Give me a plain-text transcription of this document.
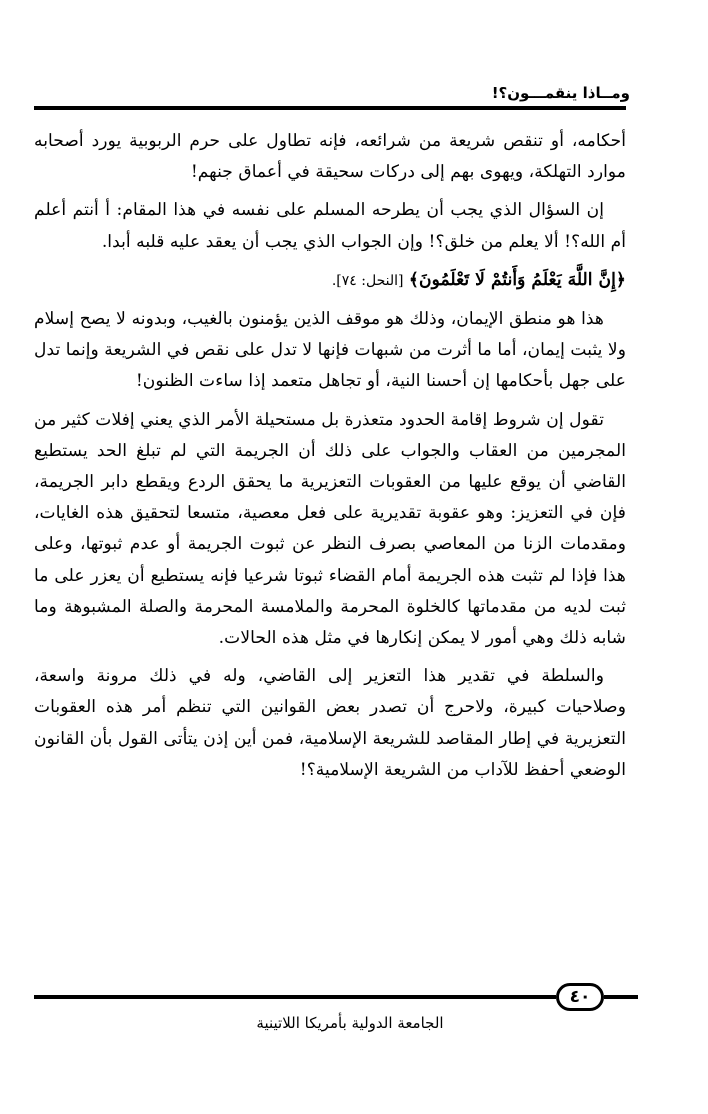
ومــاذا ينقمـــون؟!

أحكامه، أو تنقص شريعة من شرائعه، فإنه تطاول على حرم الربوبية يورد أصحابه موارد التهلكة، ويهوى بهم إلى دركات سحيقة في أعماق جنهم!

إن السؤال الذي يجب أن يطرحه المسلم على نفسه في هذا المقام: أ أنتم أعلم أم الله؟! ألا يعلم من خلق؟! وإن الجواب الذي يجب أن يعقد عليه قلبه أبدا.

﴿إِنَّ اللَّهَ يَعْلَمُ وَأَنتُمْ لَا تَعْلَمُونَ﴾ [النحل: ٧٤].

هذا هو منطق الإيمان، وذلك هو موقف الذين يؤمنون بالغيب، وبدونه لا يصح إسلام ولا يثبت إيمان، أما ما أثرت من شبهات فإنها لا تدل على نقص في الشريعة وإنما تدل على جهل بأحكامها إن أحسنا النية، أو تجاهل متعمد إذا ساءت الظنون!

تقول إن شروط إقامة الحدود متعذرة بل مستحيلة الأمر الذي يعني إفلات كثير من المجرمين من العقاب والجواب على ذلك أن الجريمة التي لم تبلغ الحد يستطيع القاضي أن يوقع عليها من العقوبات التعزيرية ما يحقق الردع ويقطع دابر الجريمة، فإن في التعزيز: وهو عقوبة تقديرية على فعل معصية، متسعا لتحقيق هذه الغايات، ومقدمات الزنا من المعاصي بصرف النظر عن ثبوت الجريمة أو عدم ثبوتها، وعلى هذا فإذا لم تثبت هذه الجريمة أمام القضاء ثبوتا شرعيا فإنه يستطيع أن يعزر على ما ثبت لديه من مقدماتها كالخلوة المحرمة والملامسة المحرمة والصلة المشبوهة وما شابه ذلك وهي أمور لا يمكن إنكارها في مثل هذه الحالات.

والسلطة في تقدير هذا التعزير إلى القاضي، وله في ذلك مرونة واسعة، وصلاحيات كبيرة، ولاحرج أن تصدر بعض القوانين التي تنظم أمر هذه العقوبات التعزيرية في إطار المقاصد للشريعة الإسلامية، فمن أين إذن يتأتى القول بأن القانون الوضعي أحفظ للآداب من الشريعة الإسلامية؟!

٤٠
الجامعة الدولية بأمريكا اللاتينية
